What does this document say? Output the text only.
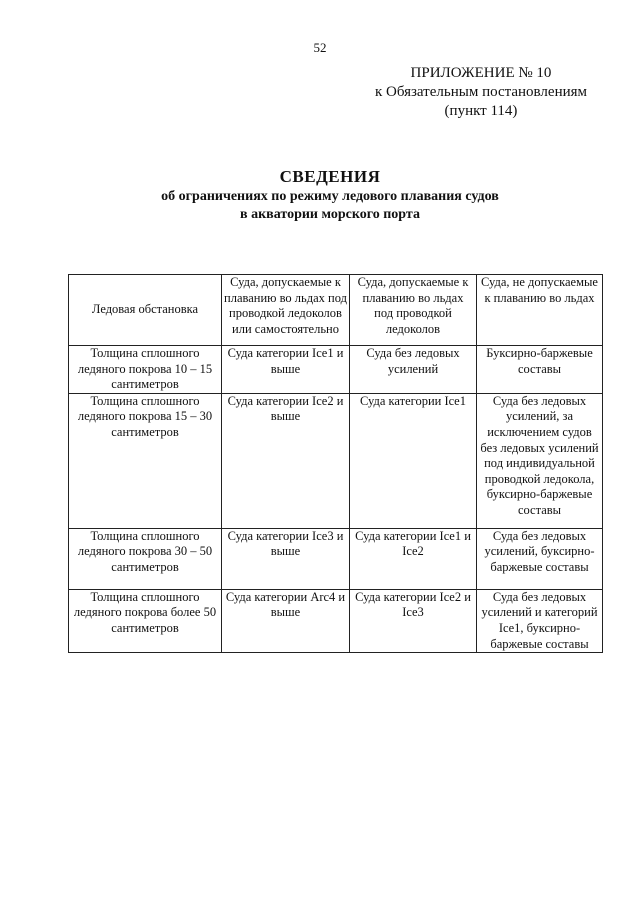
52
ПРИЛОЖЕНИЕ № 10
к Обязательным постановлениям
(пункт 114)
СВЕДЕНИЯ
об ограничениях по режиму ледового плавания судов
в акватории морского порта
Ледовая обстановка	Суда, допускаемые к плаванию во льдах под проводкой ледоколов или самостоятельно	Суда, допускаемые к плаванию во льдах под проводкой ледоколов	Суда, не допускаемые к плаванию во льдах
Толщина сплошного ледяного покрова 10 – 15 сантиметров	Суда категории Ice1 и выше	Суда без ледовых усилений	Буксирно-баржевые составы
Толщина сплошного ледяного покрова 15 – 30 сантиметров	Суда категории Ice2 и выше	Суда категории Ice1	Суда без ледовых усилений, за исключением судов без ледовых усилений под индивидуальной проводкой ледокола, буксирно-баржевые составы
Толщина сплошного ледяного покрова 30 – 50 сантиметров	Суда категории Ice3 и выше	Суда категории Ice1 и Ice2	Суда без ледовых усилений, буксирно-баржевые составы
Толщина сплошного ледяного покрова более 50 сантиметров	Суда категории Arc4 и выше	Суда категории Ice2 и Ice3	Суда без ледовых усилений и категорий Ice1, буксирно-баржевые составы
